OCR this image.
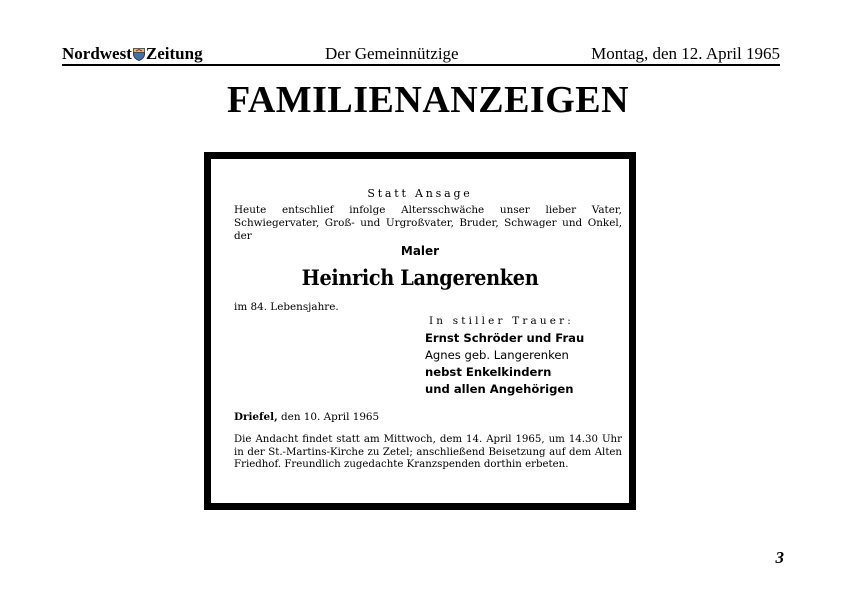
Nordwest Zeitung	Der Gemeinnützige	Montag, den 12. April 1965
FAMILIENANZEIGEN
Statt Ansage
Heute entschlief infolge Altersschwäche unser lieber Vater, Schwiegervater, Groß- und Urgroßvater, Bruder, Schwager und Onkel, der
Maler
Heinrich Langerenken
im 84. Lebensjahre.
In stiller Trauer:
Ernst Schröder und Frau
Agnes geb. Langerenken
nebst Enkelkindern
und allen Angehörigen
Driefel, den 10. April 1965
Die Andacht findet statt am Mittwoch, dem 14. April 1965, um 14.30 Uhr in der St.-Martins-Kirche zu Zetel; anschließend Beisetzung auf dem Alten Friedhof. Freundlich zugedachte Kranzspenden dorthin erbeten.
3
